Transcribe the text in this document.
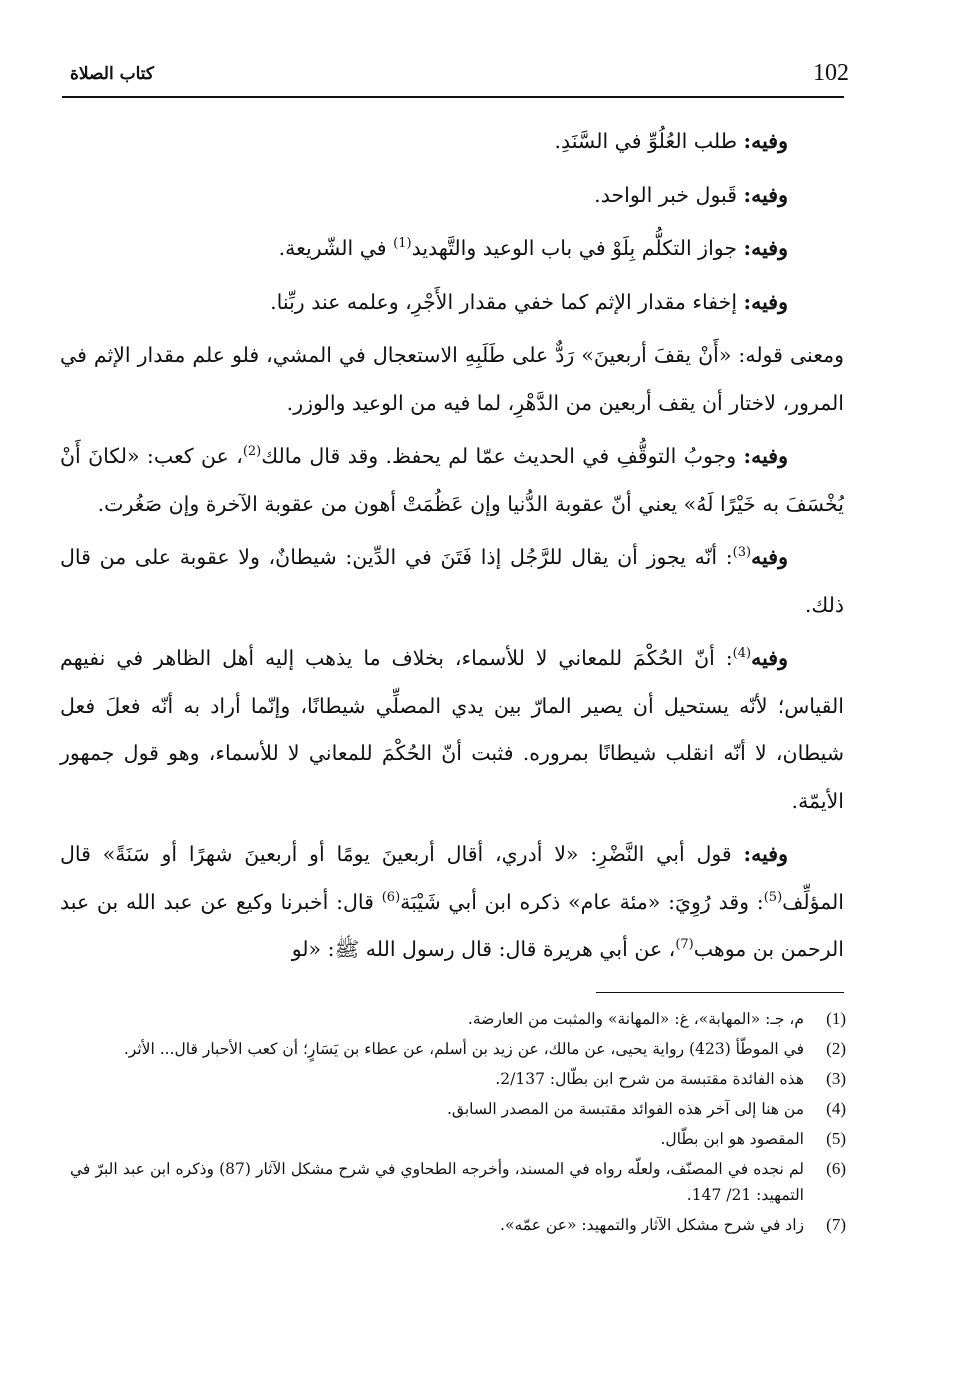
102
كتاب الصلاة

وفيه: طلب العُلُوِّ في السَّنَدِ.

وفيه: قَبول خبر الواحد.

وفيه: جواز التكلُّم بِلَوْ في باب الوعيد والتَّهديد$^{(1)}$ في الشّريعة.

وفيه: إخفاء مقدار الإثم كما خفي مقدار الأَجْرِ، وعلمه عند ربِّنا.

ومعنى قوله: «أَنْ يقفَ أربعينَ» رَدٌّ على طَلَبِهِ الاستعجال في المشي، فلو علم مقدار الإثم في المرور، لاختار أن يقف أربعين من الدَّهْرِ، لما فيه من الوعيد والوزر.

وفيه: وجوبُ التوقُّفِ في الحديث عمّا لم يحفظ. وقد قال مالك$^{(2)}$، عن كعب: «لكانَ أَنْ يُخْسَفَ به خَيْرًا لَهُ» يعني أنّ عقوبة الدُّنيا وإن عَظُمَتْ أهون من عقوبة الآخرة وإن صَغُرت.

وفيه$^{(3)}$: أنّه يجوز أن يقال للرَّجُل إذا فَتَنَ في الدِّين: شيطانٌ، ولا عقوبة على من قال ذلك.

وفيه$^{(4)}$: أنّ الحُكْمَ للمعاني لا للأسماء، بخلاف ما يذهب إليه أهل الظاهر في نفيهم القياس؛ لأنّه يستحيل أن يصير المارّ بين يدي المصلِّي شيطانًا، وإنّما أراد به أنّه فعلَ فعل شيطان، لا أنّه انقلب شيطانًا بمروره. فثبت أنّ الحُكْمَ للمعاني لا للأسماء، وهو قول جمهور الأيمّة.

وفيه: قول أبي النَّضْرِ: «لا أدري، أقال أربعينَ يومًا أو أربعينَ شهرًا أو سَنَةً» قال المؤلِّف$^{(5)}$: وقد رُوِيَ: «مئة عام» ذكره ابن أبي شَيْبَة$^{(6)}$ قال: أخبرنا وكيع عن عبد الله بن عبد الرحمن بن موهب$^{(7)}$، عن أبي هريرة قال: قال رسول الله ﷺ: «لو

(1)
م، جـ: «المهابة»، غ: «المهانة» والمثبت من العارضة.
(2)
في الموطّأ (423) رواية يحيى، عن مالك، عن زيد بن أسلم، عن عطاء بن يَسَارٍ؛ أن كعب الأحبار قال... الأثر.
(3)
هذه الفائدة مقتبسة من شرح ابن بطّال: 2/137.
(4)
من هنا إلى آخر هذه الفوائد مقتبسة من المصدر السابق.
(5)
المقصود هو ابن بطّال.
(6)
لم نجده في المصنّف، ولعلّه رواه في المسند، وأخرجه الطحاوي في شرح مشكل الآثار (87) وذكره ابن عبد البرّ في التمهيد: 21/ 147.
(7)
زاد في شرح مشكل الآثار والتمهيد: «عن عمّه».
